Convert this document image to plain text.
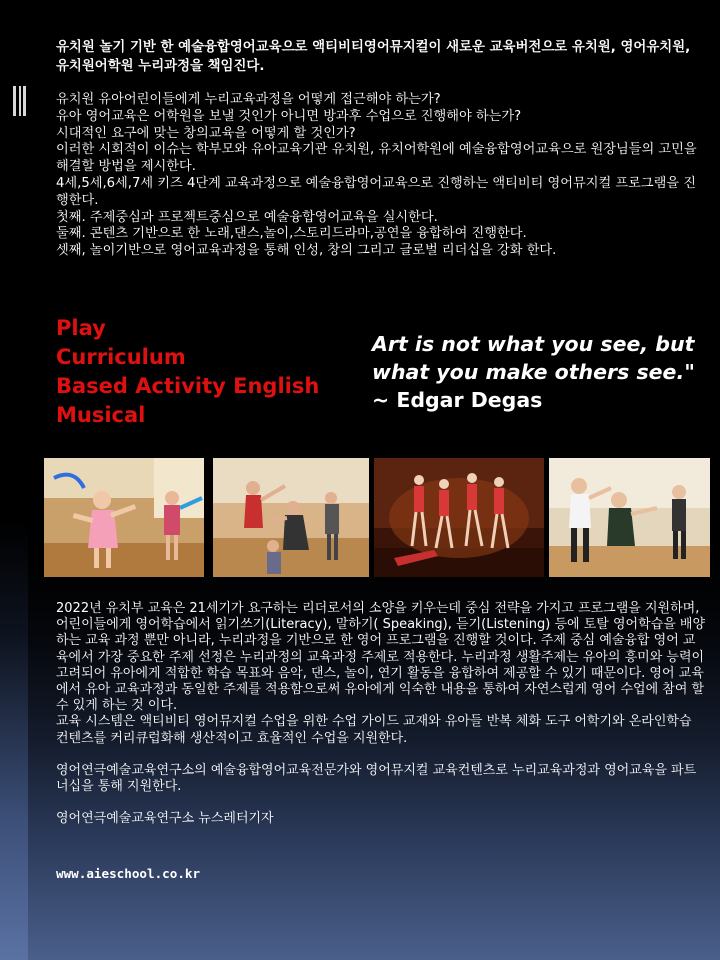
유치원 놀기 기반 한 예술융합영어교육으로 액티비티영어뮤지컬이 새로운 교육버전으로 유치원, 영어유치원, 유치원어학원 누리과정을 책임진다.

유치원 유아어린이들에게 누리교육과정을 어떻게 접근해야 하는가?

유아 영어교육은 어학원을 보낼 것인가 아니면 방과후 수업으로 진행해야 하는가?

시대적인 요구에 맞는 창의교육을 어떻게 할 것인가?

이러한 시회적이 이슈는 학부모와 유아교육기관 유치원, 유치어학원에 예술융합영어교육으로 원장님들의 고민을 해결할 방법을 제시한다.

4세,5세,6세,7세 키즈 4단계 교육과정으로 예술융합영어교육으로 진행하는 액티비티 영어뮤지컬 프로그램을 진행한다.

첫째. 주제중심과 프로젝트중심으로 예술융합영어교육을 실시한다.

둘째. 콘텐츠 기반으로 한 노래,댄스,놀이,스토리드라마,공연을 융합하여 진행한다.

셋째, 놀이기반으로 영어교육과정을 통해 인성, 창의 그리고 글로벌 리더십을 강화 한다.

Play
Curriculum
Based Activity English
Musical
Art is not what you see, but
what you make others see."
~ Edgar Degas

2022년 유치부 교육은 21세기가 요구하는 리더로서의 소양을 키우는데 중심 전략을 가지고 프로그램을 지원하며, 어린이들에게 영어학습에서 읽기쓰기(Literacy), 말하기( Speaking), 듣기(Listening) 등에 토탈 영어학습을 배양하는 교육 과정 뿐만 아니라, 누리과정을 기반으로 한 영어 프로그램을 진행할 것이다. 주제 중심 예술융합 영어 교육에서 가장 중요한 주제 선정은 누리과정의 교육과정 주제로 적용한다. 누리과정 생활주제는 유아의 흥미와 능력이 고려되어 유아에게 적합한 학습 목표와 음악, 댄스, 놀이, 연기 활동을 융합하여 제공할 수 있기 때문이다. 영어 교육에서 유아 교육과정과 동일한 주제를 적용함으로써 유아에게 익숙한 내용을 통하여 자연스럽게 영어 수업에 참여 할 수 있게 하는 것 이다.

교육 시스템은 액티비티 영어뮤지컬 수업을 위한 수업 가이드 교재와 유아들 반복 체화 도구 어학기와 온라인학습 컨텐츠를 커리큐럽화해 생산적이고 효율적인 수업을 지원한다.

영어연극예술교육연구소의 예술융합영어교육전문가와 영어뮤지컬 교육컨텐츠로 누리교육과정과 영어교육을 파트너십을 통해 지원한다.

영어연극예술교육연구소 뉴스레터기자

www.aieschool.co.kr
